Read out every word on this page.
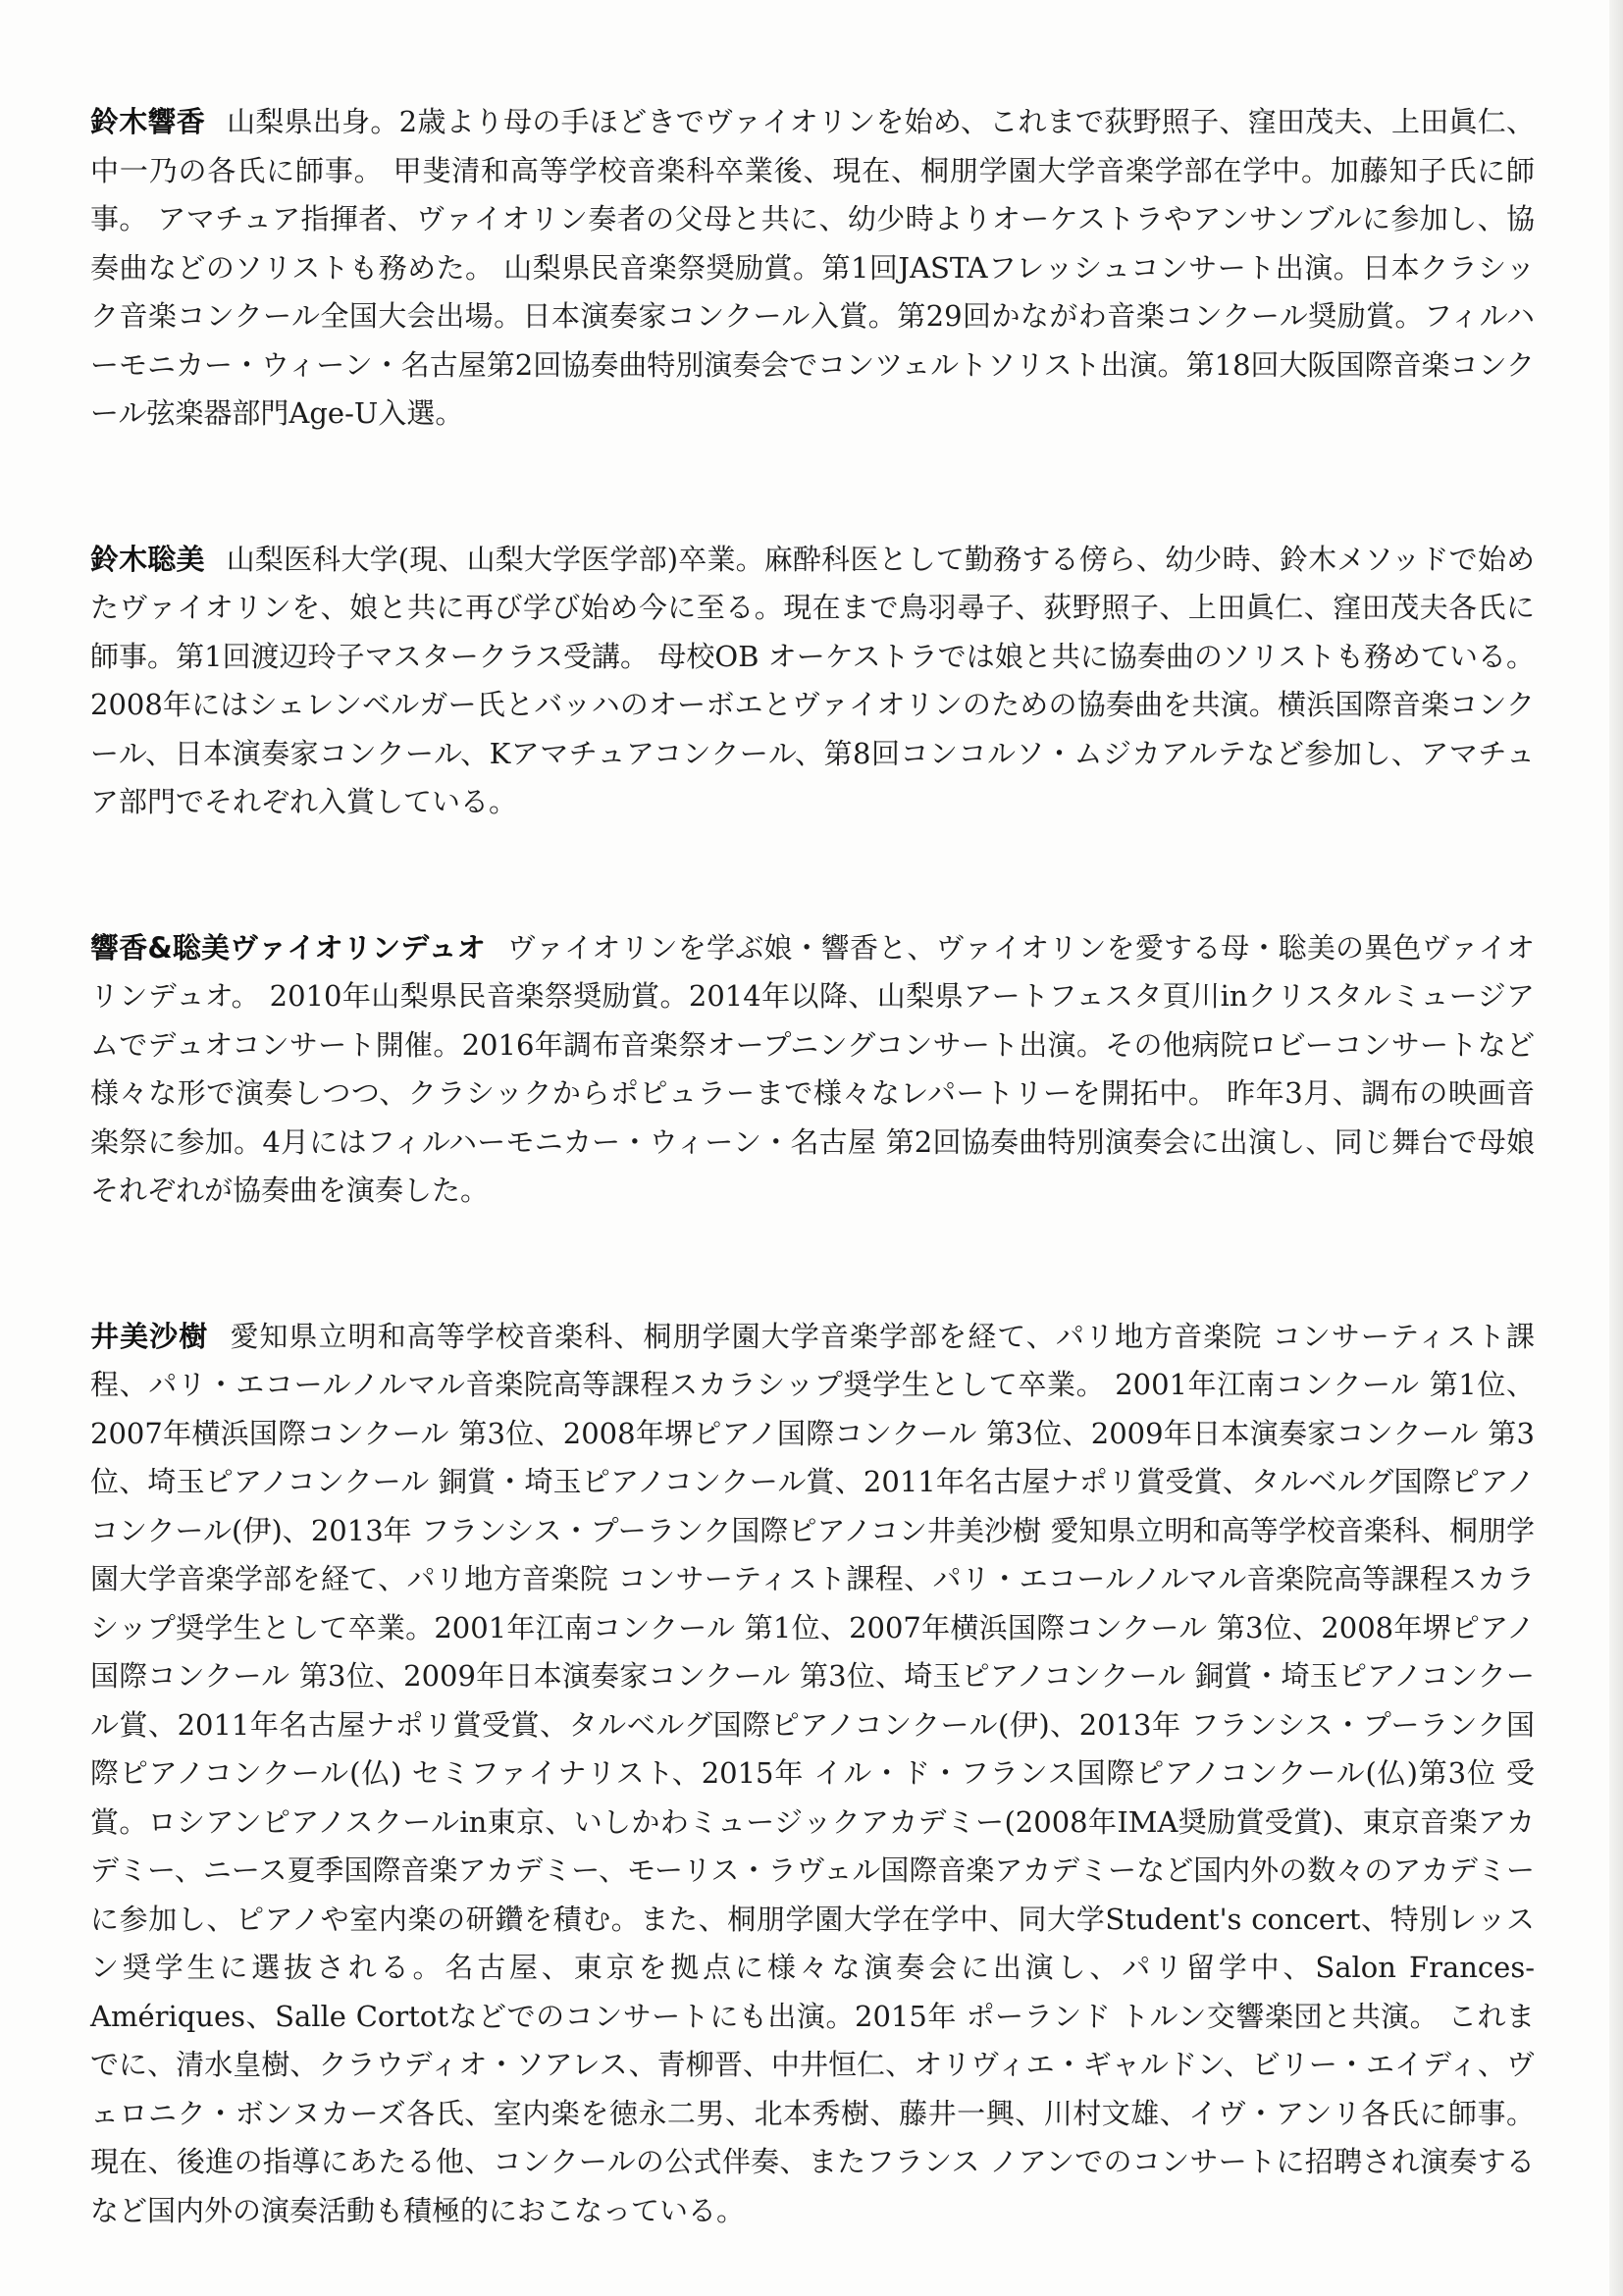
鈴木響香 山梨県出身。2歳より母の手ほどきでヴァイオリンを始め、これまで荻野照子、窪田茂夫、上田眞仁、中一乃の各氏に師事。 甲斐清和高等学校音楽科卒業後、現在、桐朋学園大学音楽学部在学中。加藤知子氏に師事。 アマチュア指揮者、ヴァイオリン奏者の父母と共に、幼少時よりオーケストラやアンサンブルに参加し、協奏曲などのソリストも務めた。 山梨県民音楽祭奨励賞。第1回JASTAフレッシュコンサート出演。日本クラシック音楽コンクール全国大会出場。日本演奏家コンクール入賞。第29回かながわ音楽コンクール奨励賞。フィルハーモニカー・ウィーン・名古屋第2回協奏曲特別演奏会でコンツェルトソリスト出演。第18回大阪国際音楽コンクール弦楽器部門Age-U入選。

鈴木聡美 山梨医科大学(現、山梨大学医学部)卒業。麻酔科医として勤務する傍ら、幼少時、鈴木メソッドで始めたヴァイオリンを、娘と共に再び学び始め今に至る。現在まで鳥羽尋子、荻野照子、上田眞仁、窪田茂夫各氏に師事。第1回渡辺玲子マスタークラス受講。 母校OB オーケストラでは娘と共に協奏曲のソリストも務めている。2008年にはシェレンベルガー氏とバッハのオーボエとヴァイオリンのための協奏曲を共演。横浜国際音楽コンクール、日本演奏家コンクール、Kアマチュアコンクール、第8回コンコルソ・ムジカアルテなど参加し、アマチュア部門でそれぞれ入賞している。

響香&聡美ヴァイオリンデュオ ヴァイオリンを学ぶ娘・響香と、ヴァイオリンを愛する母・聡美の異色ヴァイオリンデュオ。 2010年山梨県民音楽祭奨励賞。2014年以降、山梨県アートフェスタ頁川inクリスタルミュージアムでデュオコンサート開催。2016年調布音楽祭オープニングコンサート出演。その他病院ロビーコンサートなど様々な形で演奏しつつ、クラシックからポピュラーまで様々なレパートリーを開拓中。 昨年3月、調布の映画音楽祭に参加。4月にはフィルハーモニカー・ウィーン・名古屋 第2回協奏曲特別演奏会に出演し、同じ舞台で母娘それぞれが協奏曲を演奏した。

井美沙樹 愛知県立明和高等学校音楽科、桐朋学園大学音楽学部を経て、パリ地方音楽院 コンサーティスト課程、パリ・エコールノルマル音楽院高等課程スカラシップ奨学生として卒業。 2001年江南コンクール 第1位、2007年横浜国際コンクール 第3位、2008年堺ピアノ国際コンクール 第3位、2009年日本演奏家コンクール 第3位、埼玉ピアノコンクール 銅賞・埼玉ピアノコンクール賞、2011年名古屋ナポリ賞受賞、タルベルグ国際ピアノコンクール(伊)、2013年 フランシス・プーランク国際ピアノコン井美沙樹 愛知県立明和高等学校音楽科、桐朋学園大学音楽学部を経て、パリ地方音楽院 コンサーティスト課程、パリ・エコールノルマル音楽院高等課程スカラシップ奨学生として卒業。2001年江南コンクール 第1位、2007年横浜国際コンクール 第3位、2008年堺ピアノ国際コンクール 第3位、2009年日本演奏家コンクール 第3位、埼玉ピアノコンクール 銅賞・埼玉ピアノコンクール賞、2011年名古屋ナポリ賞受賞、タルベルグ国際ピアノコンクール(伊)、2013年 フランシス・プーランク国際ピアノコンクール(仏) セミファイナリスト、2015年 イル・ド・フランス国際ピアノコンクール(仏)第3位 受賞。ロシアンピアノスクールin東京、いしかわミュージックアカデミー(2008年IMA奨励賞受賞)、東京音楽アカデミー、ニース夏季国際音楽アカデミー、モーリス・ラヴェル国際音楽アカデミーなど国内外の数々のアカデミーに参加し、ピアノや室内楽の研鑽を積む。また、桐朋学園大学在学中、同大学Student's concert、特別レッスン奨学生に選抜される。名古屋、東京を拠点に様々な演奏会に出演し、パリ留学中、Salon Frances-Amériques、Salle Cortotなどでのコンサートにも出演。2015年 ポーランド トルン交響楽団と共演。 これまでに、清水皇樹、クラウディオ・ソアレス、青柳晋、中井恒仁、オリヴィエ・ギャルドン、ビリー・エイディ、ヴェロニク・ボンヌカーズ各氏、室内楽を徳永二男、北本秀樹、藤井一興、川村文雄、イヴ・アンリ各氏に師事。現在、後進の指導にあたる他、コンクールの公式伴奏、またフランス ノアンでのコンサートに招聘され演奏するなど国内外の演奏活動も積極的におこなっている。
